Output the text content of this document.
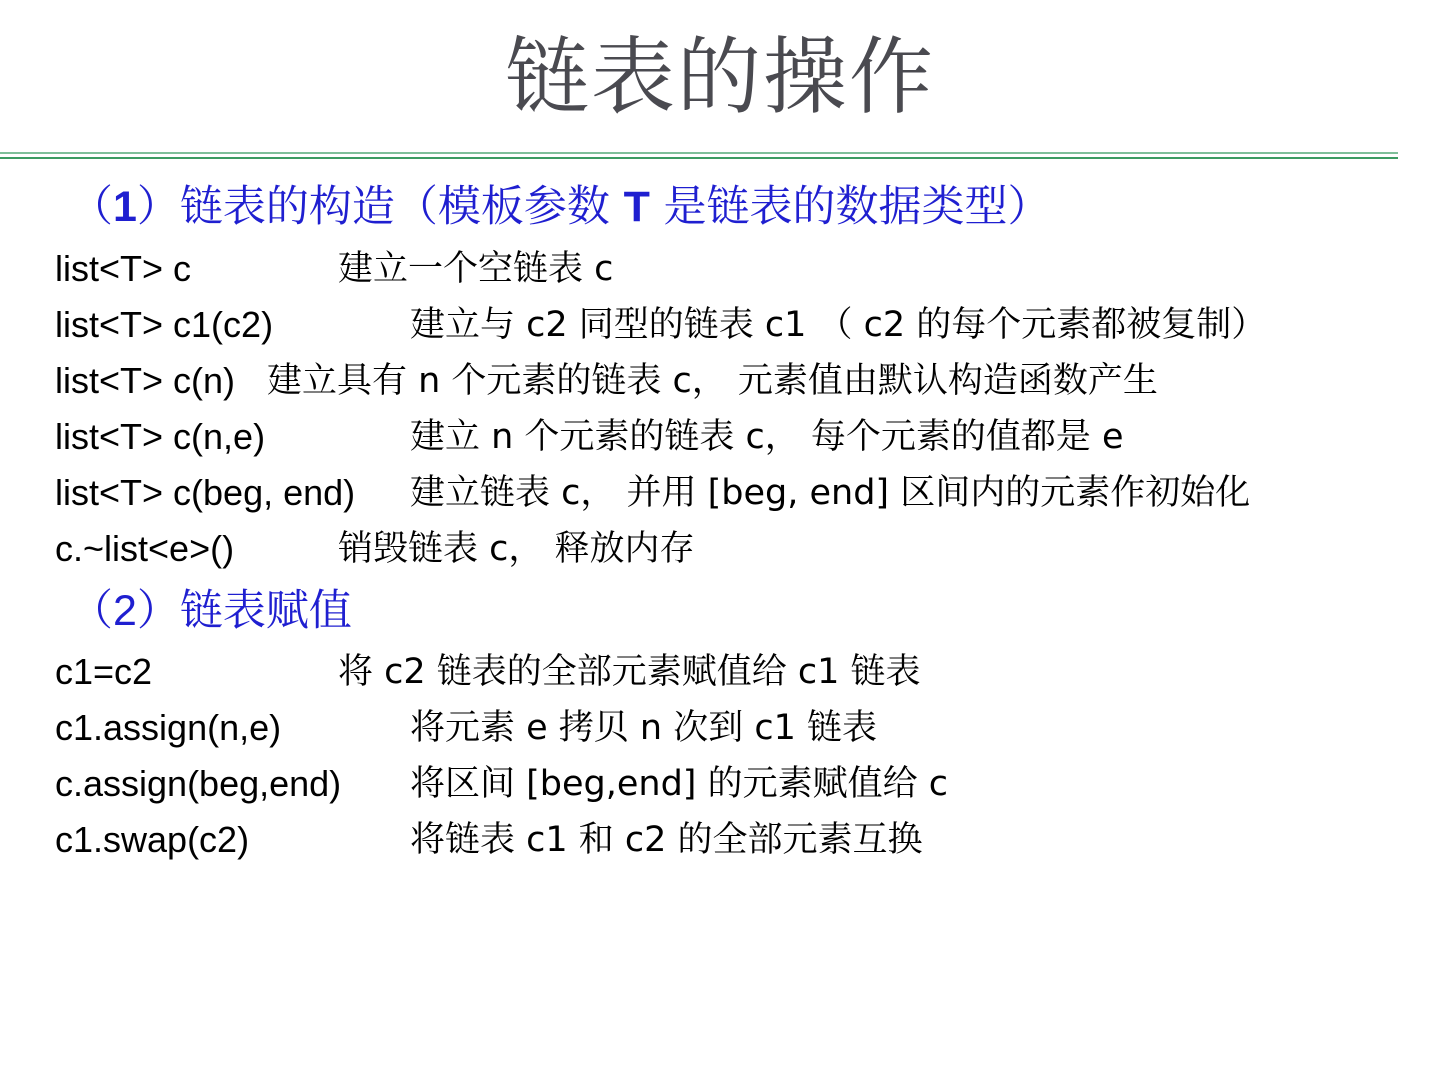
链表的操作
（1）链表的构造（模板参数 T 是链表的数据类型）
list<T> c	建立一个空链表 c
list<T> c1(c2)	建立与 c2 同型的链表 c1 （ c2 的每个元素都被复制）
list<T> c(n) 建立具有 n 个元素的链表 c， 元素值由默认构造函数产生
list<T> c(n,e)	建立 n 个元素的链表 c， 每个元素的值都是 e
list<T> c(beg, end) 建立链表 c， 并用 [beg, end] 区间内的元素作初始化
c.~list<e>()	销毁链表 c， 释放内存
（2）链表赋值
c1=c2	将 c2 链表的全部元素赋值给 c1 链表
c1.assign(n,e)	将元素 e 拷贝 n 次到 c1 链表
c.assign(beg,end) 将区间 [beg,end] 的元素赋值给 c
c1.swap(c2)	将链表 c1 和 c2 的全部元素互换
